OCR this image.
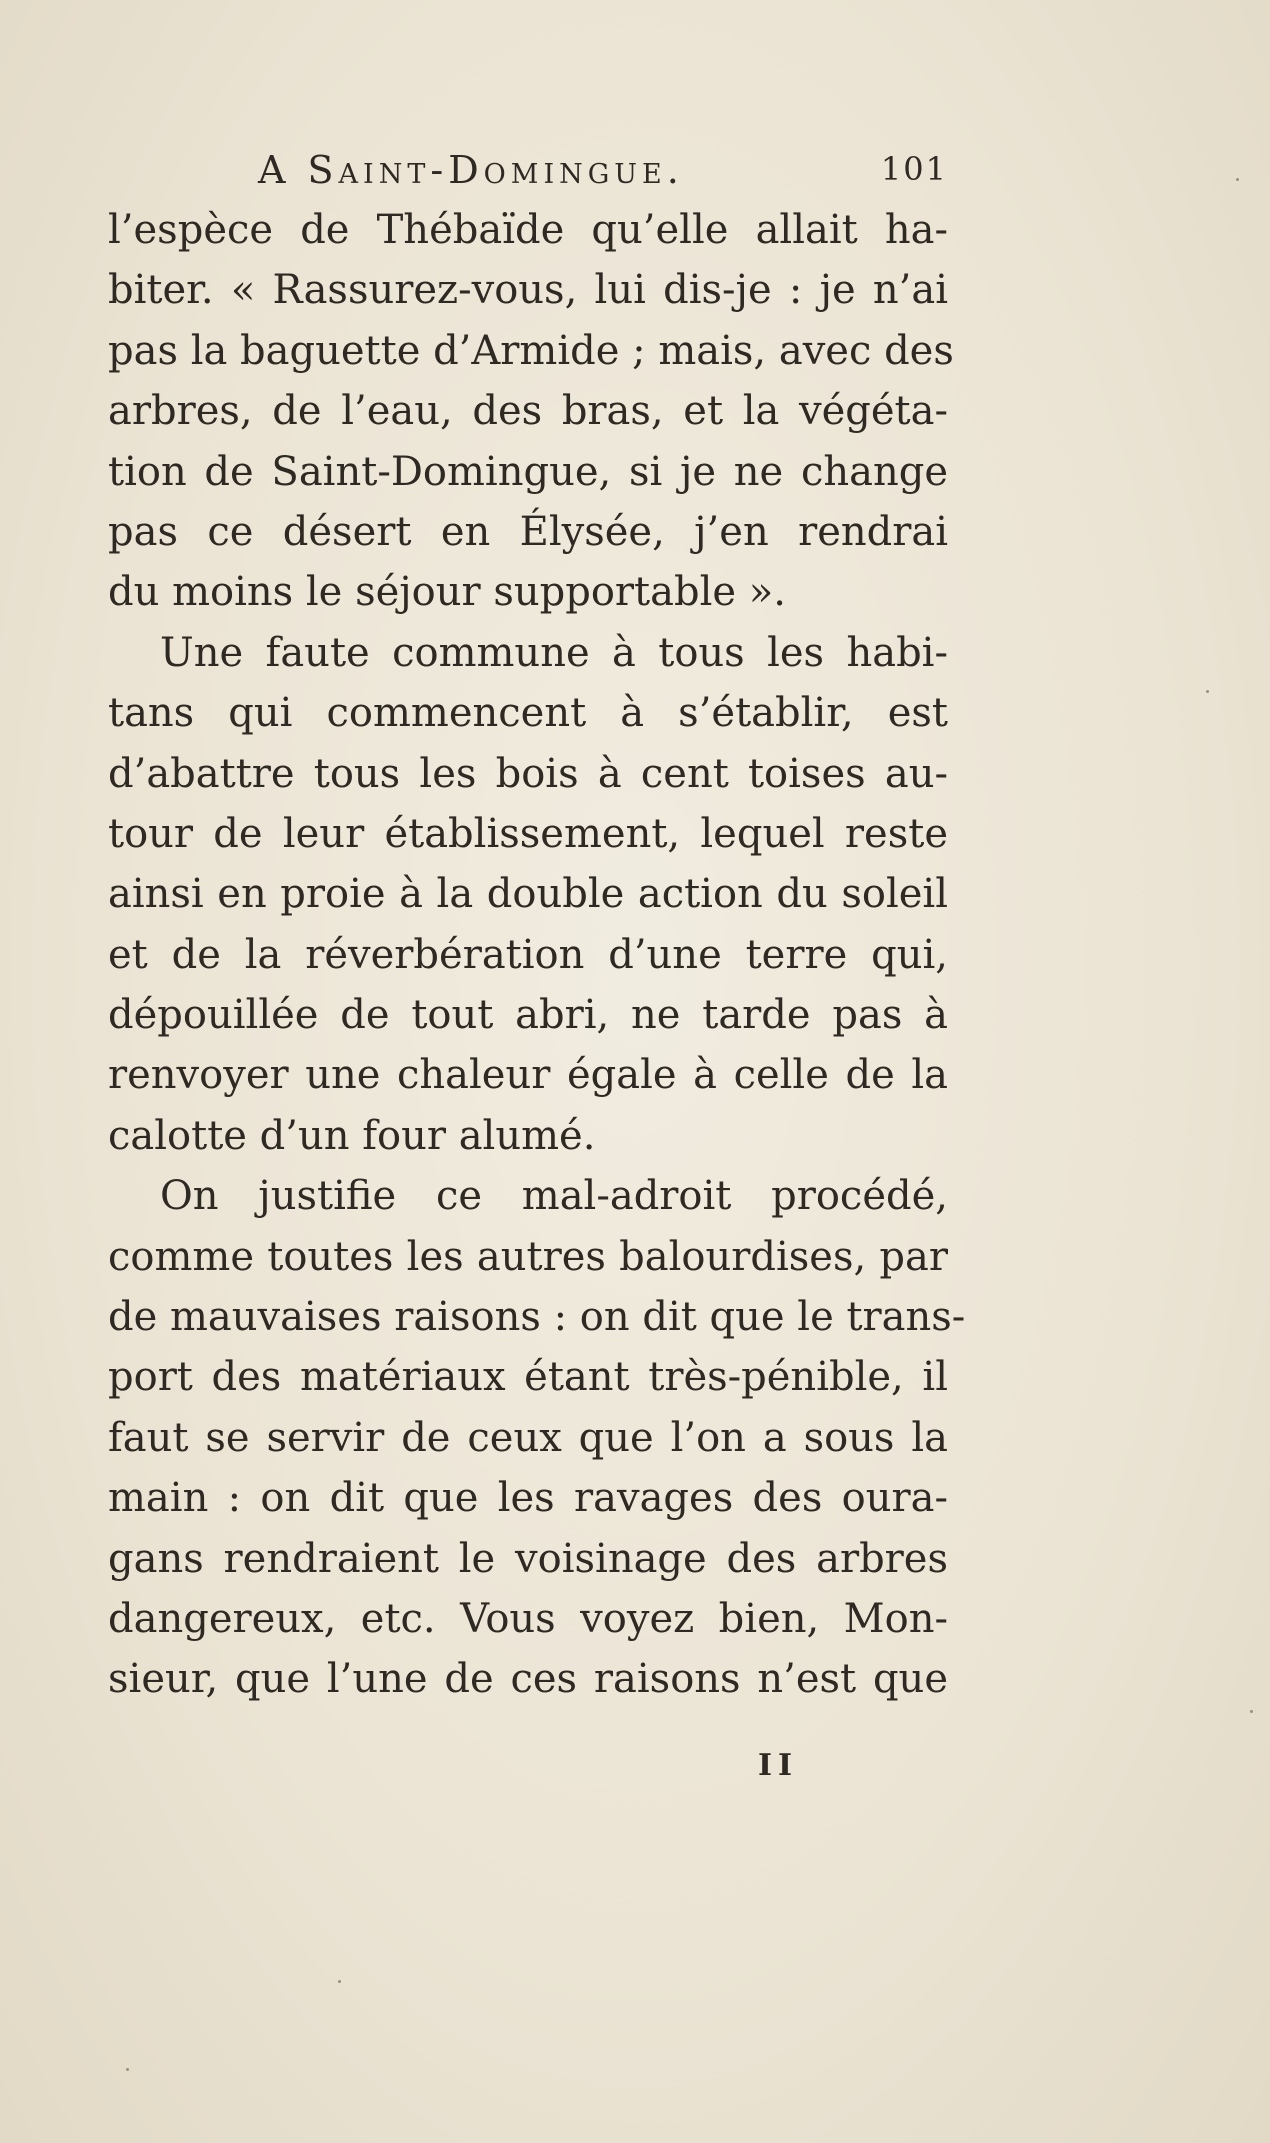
A Saint-Domingue.	101
l’espèce de Thébaïde qu’elle allait ha-
biter. « Rassurez-vous, lui dis-je : je n’ai
pas la baguette d’Armide ; mais, avec des
arbres, de l’eau, des bras, et la végéta-
tion de Saint-Domingue, si je ne change
pas ce désert en Élysée, j’en rendrai
du moins le séjour supportable ».
Une faute commune à tous les habi-
tans qui commencent à s’établir, est
d’abattre tous les bois à cent toises au-
tour de leur établissement, lequel reste
ainsi en proie à la double action du soleil
et de la réverbération d’une terre qui,
dépouillée de tout abri, ne tarde pas à
renvoyer une chaleur égale à celle de la
calotte d’un four alumé.
On justifie ce mal-adroit procédé,
comme toutes les autres balourdises, par
de mauvaises raisons : on dit que le trans-
port des matériaux étant très-pénible, il
faut se servir de ceux que l’on a sous la
main : on dit que les ravages des oura-
gans rendraient le voisinage des arbres
dangereux, etc. Vous voyez bien, Mon-
sieur, que l’une de ces raisons n’est que
II
